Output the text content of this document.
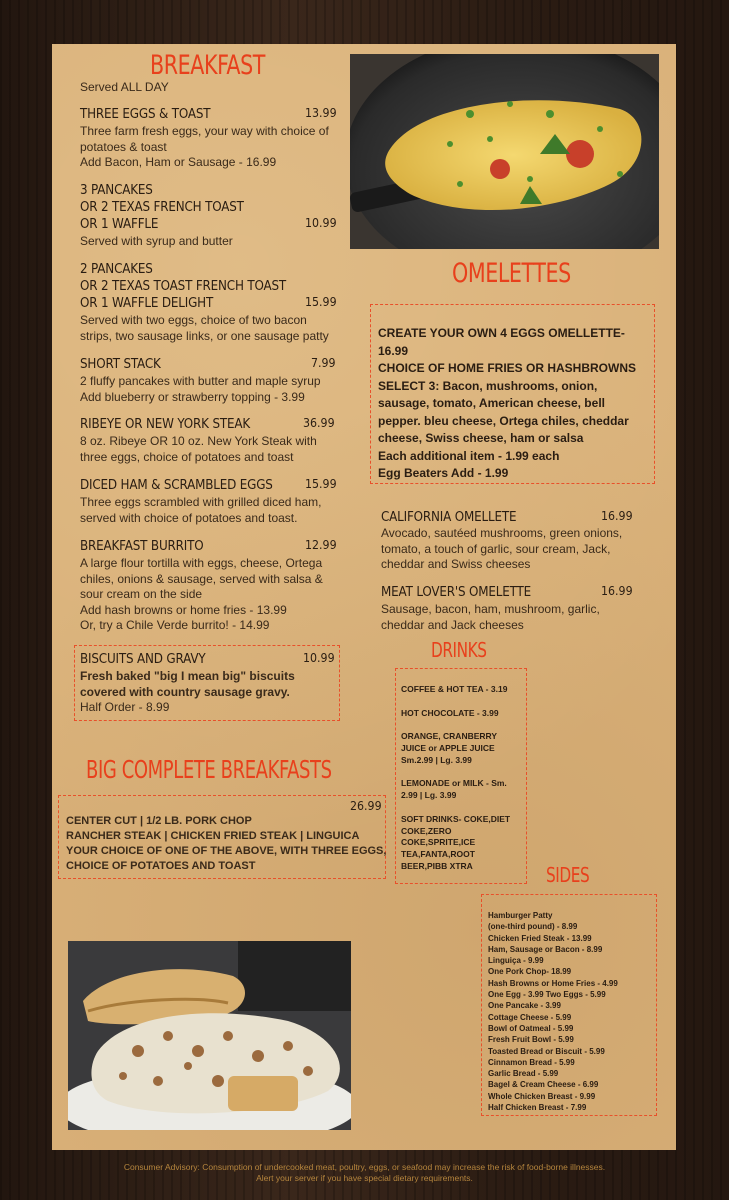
BREAKFAST
Served ALL DAY
THREE EGGS & TOAST	13.99
Three farm fresh eggs, your way with choice of
potatoes & toast
Add Bacon, Ham or Sausage - 16.99
3 PANCAKES
OR 2 TEXAS FRENCH TOAST
OR 1 WAFFLE	10.99
Served with syrup and butter
2 PANCAKES
OR 2 TEXAS TOAST FRENCH TOAST
OR 1 WAFFLE DELIGHT	15.99
Served with two eggs, choice of two bacon
strips, two sausage links, or one sausage patty
SHORT STACK	7.99
2 fluffy pancakes with butter and maple syrup
Add blueberry or strawberry topping - 3.99
RIBEYE OR NEW YORK STEAK	36.99
8 oz. Ribeye OR 10 oz. New York Steak with
three eggs, choice of potatoes and toast
DICED HAM & SCRAMBLED EGGS	15.99
Three eggs scrambled with grilled diced ham,
served with choice of potatoes and toast.
BREAKFAST BURRITO	12.99
A large flour tortilla with eggs, cheese, Ortega
chiles, onions & sausage, served with salsa &
sour cream on the side
Add hash browns or home fries - 13.99
Or, try a Chile Verde burrito! - 14.99
BISCUITS AND GRAVY	10.99
Fresh baked "big I mean big" biscuits
covered with country sausage gravy.
Half Order - 8.99
BIG COMPLETE BREAKFASTS
26.99
CENTER CUT | 1/2 LB. PORK CHOP
RANCHER STEAK | CHICKEN FRIED STEAK | LINGUICA
YOUR CHOICE OF ONE OF THE ABOVE, WITH THREE EGGS,
CHOICE OF POTATOES AND TOAST
OMELETTES
CREATE YOUR OWN 4 EGGS OMELLETTE-
16.99
CHOICE OF HOME FRIES OR HASHBROWNS
SELECT 3: Bacon, mushrooms, onion,
sausage, tomato, American cheese, bell
pepper. bleu cheese, Ortega chiles, cheddar
cheese, Swiss cheese, ham or salsa
Each additional item - 1.99 each
Egg Beaters Add - 1.99
CALIFORNIA OMELLETE	16.99
Avocado, sautéed mushrooms, green onions,
tomato, a touch of garlic, sour cream, Jack,
cheddar and Swiss cheeses
MEAT LOVER'S OMELETTE	16.99
Sausage, bacon, ham, mushroom, garlic,
cheddar and Jack cheeses
DRINKS
COFFEE & HOT TEA - 3.19

HOT CHOCOLATE - 3.99

ORANGE, CRANBERRY
JUICE or APPLE JUICE
Sm.2.99 | Lg. 3.99

LEMONADE or MILK - Sm.
2.99 | Lg. 3.99

SOFT DRINKS- COKE,DIET
COKE,ZERO
COKE,SPRITE,ICE
TEA,FANTA,ROOT
BEER,PIBB XTRA	SIDES
Hamburger Patty
(one-third pound) - 8.99
Chicken Fried Steak - 13.99
Ham, Sausage or Bacon - 8.99
Linguiça - 9.99
One Pork Chop- 18.99
Hash Browns or Home Fries - 4.99
One Egg - 3.99 Two Eggs - 5.99
One Pancake - 3.99
Cottage Cheese - 5.99
Bowl of Oatmeal - 5.99
Fresh Fruit Bowl - 5.99
Toasted Bread or Biscuit - 5.99
Cinnamon Bread - 5.99
Garlic Bread - 5.99
Bagel & Cream Cheese - 6.99
Whole Chicken Breast - 9.99
Half Chicken Breast - 7.99
Consumer Advisory: Consumption of undercooked meat, poultry, eggs, or seafood may increase the risk of food-borne illnesses.
Alert your server if you have special dietary requirements.
